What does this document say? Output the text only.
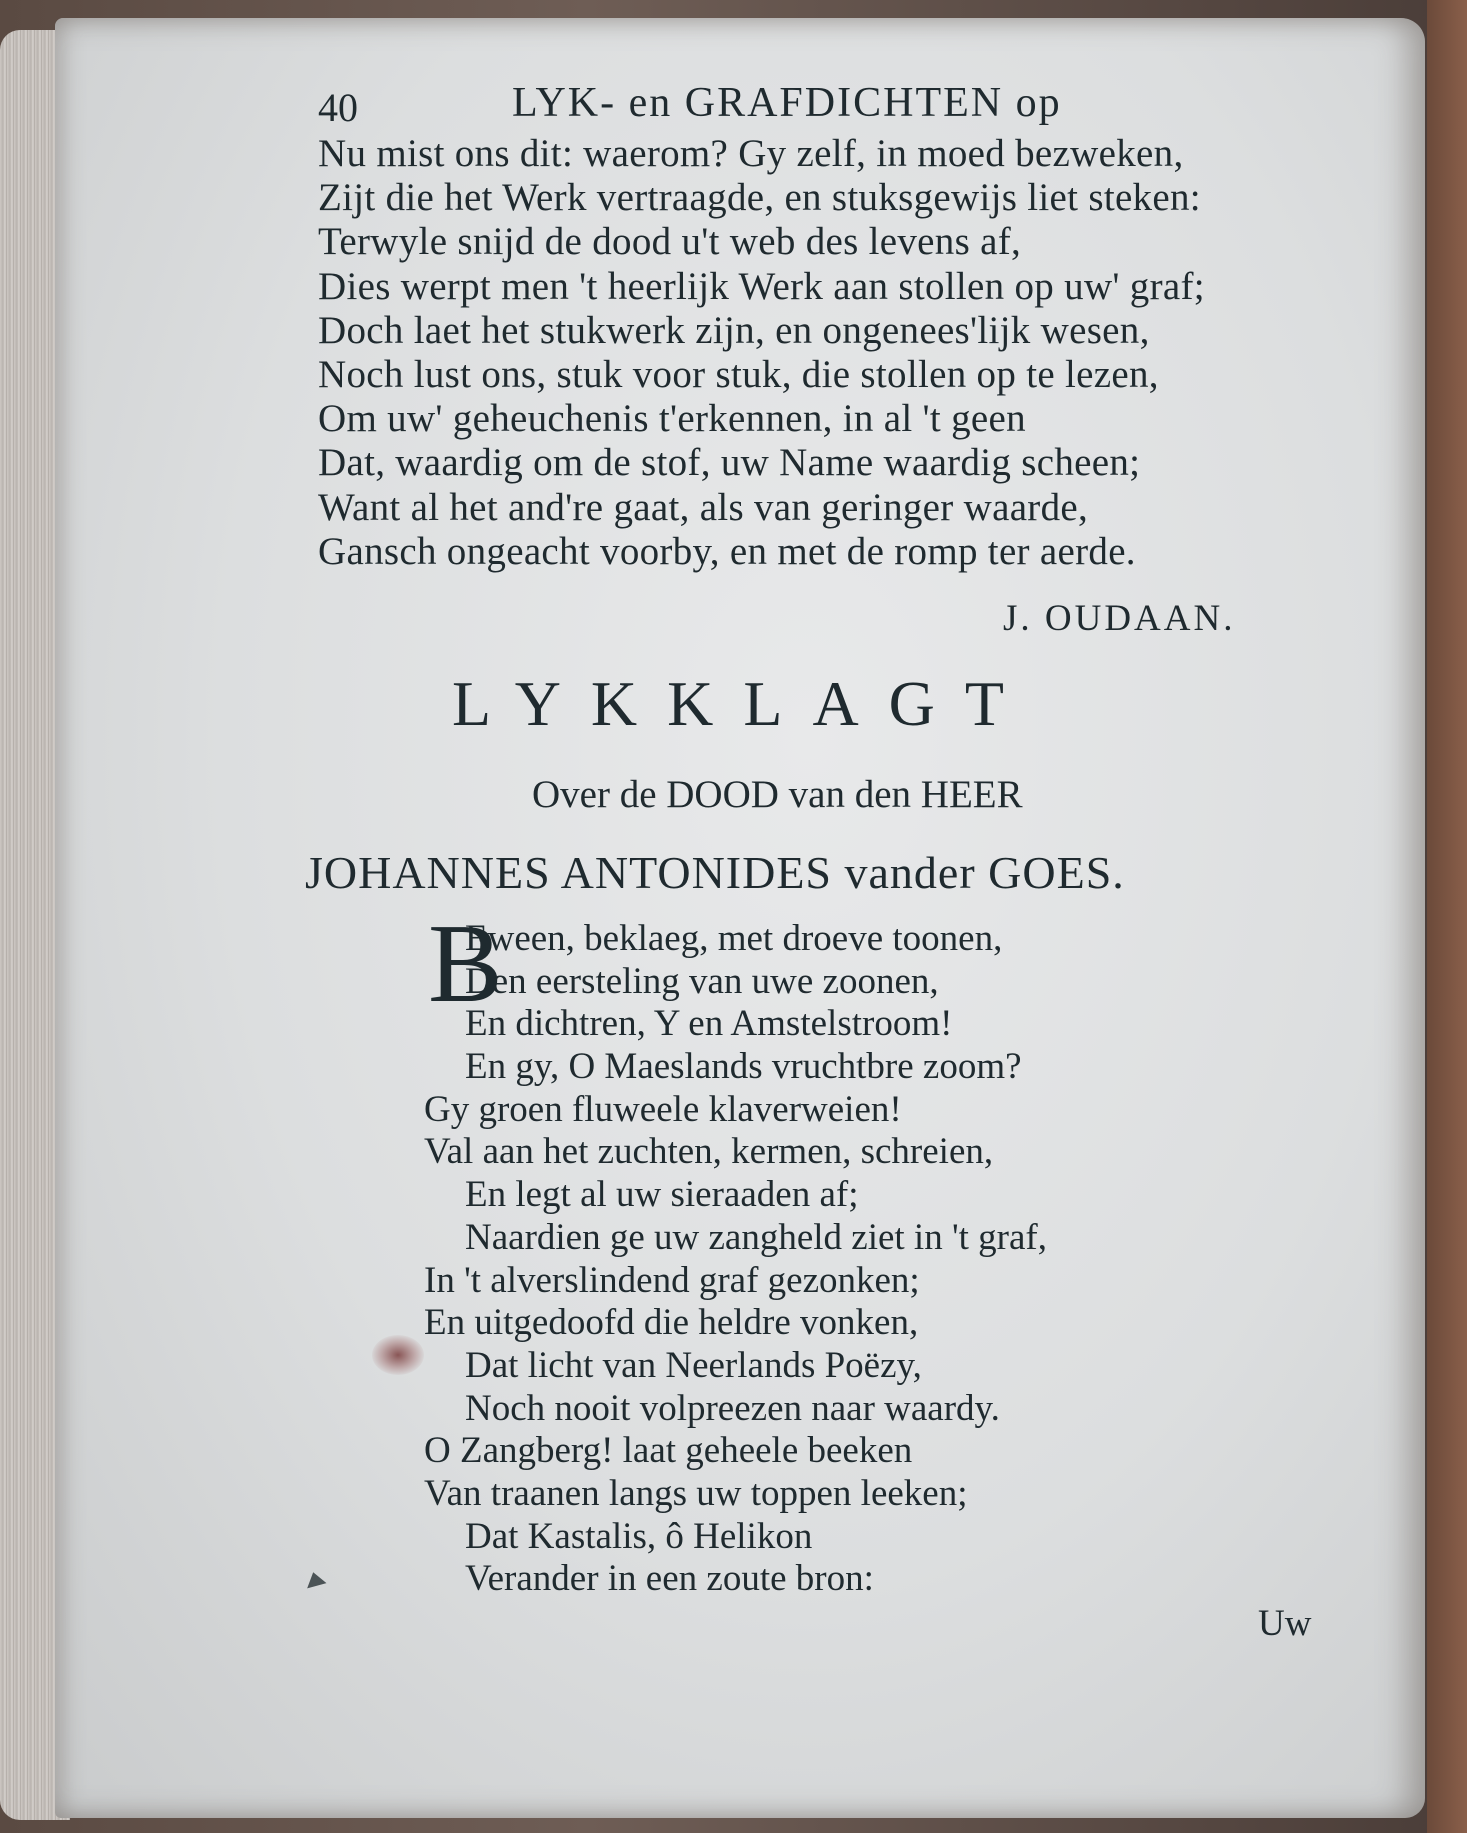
40	LYK- en GRAFDICHTEN op
Nu mist ons dit: waerom? Gy zelf, in moed bezweken,
Zijt die het Werk vertraagde, en stuksgewijs liet steken:
Terwyle snijd de dood u't web des levens af,
Dies werpt men 't heerlijk Werk aan stollen op uw' graf;
Doch laet het stukwerk zijn, en ongenees'lijk wesen,
Noch lust ons, stuk voor stuk, die stollen op te lezen,
Om uw' geheuchenis t'erkennen, in al 't geen
Dat, waardig om de stof, uw Name waardig scheen;
Want al het and're gaat, als van geringer waarde,
Gansch ongeacht voorby, en met de romp ter aerde.
J. OUDAAN.
LYKKLAGT
Over de DOOD van den HEER
JOHANNES ANTONIDES vander GOES.
B
Eween, beklaeg, met droeve toonen,
Den eersteling van uwe zoonen,
En dichtren, Y en Amstelstroom!
En gy, O Maeslands vruchtbre zoom?
Gy groen fluweele klaverweien!
Val aan het zuchten, kermen, schreien,
En legt al uw sieraaden af;
Naardien ge uw zangheld ziet in 't graf,
In 't alverslindend graf gezonken;
En uitgedoofd die heldre vonken,
Dat licht van Neerlands Poëzy,
Noch nooit volpreezen naar waardy.
O Zangberg! laat geheele beeken
Van traanen langs uw toppen leeken;
Dat Kastalis, ô Helikon
Verander in een zoute bron:
Uw
